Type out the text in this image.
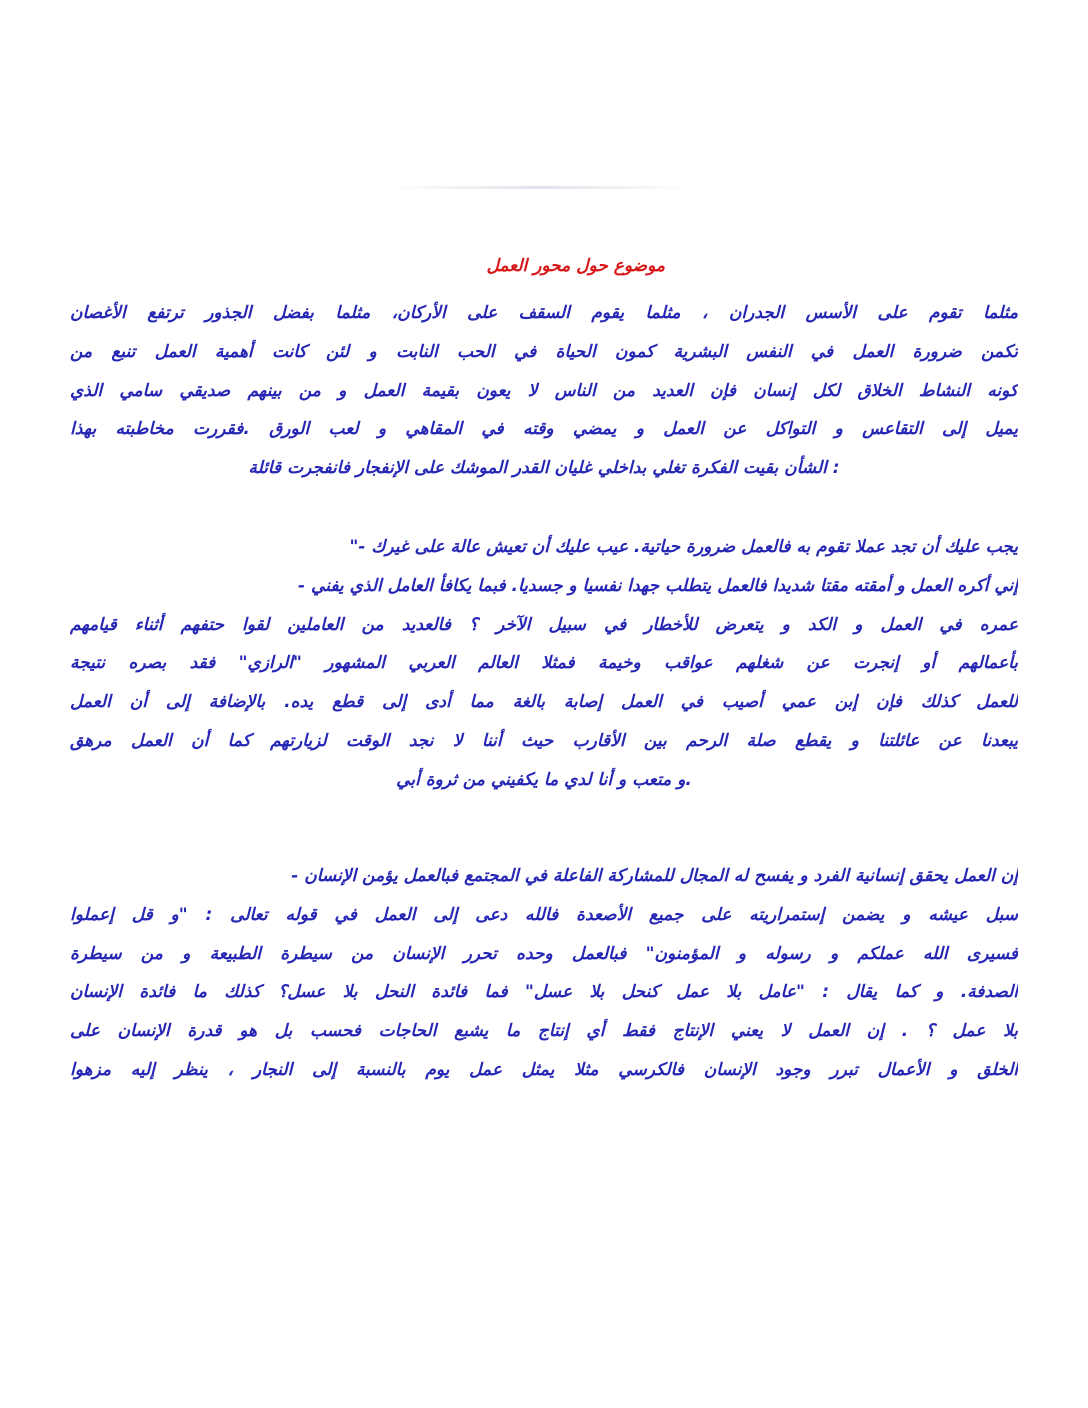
موضوع حول محور العمل
مثلما تقوم على الأسس الجدران ، مثلما يقوم السقف على الأركان، مثلما بفضل الجذور ترتفع الأغصان
تكمن ضرورة العمل في النفس البشرية كمون الحياة في الحب النابت و لئن كانت أهمية العمل تنبع من
كونه النشاط الخلاق لكل إنسان فإن العديد من الناس لا يعون بقيمة العمل و من بينهم صديقي سامي الذي
يميل إلى التقاعس و التواكل عن العمل و يمضي وقته في المقاهي و لعب الورق .فقررت مخاطبته بهذا
: الشأن بقيت الفكرة تغلي بداخلي غليان القدر الموشك على الإنفجار فانفجرت قائلة
يجب عليك أن تجد عملا تقوم به فالعمل ضرورة حياتية. عيب عليك أن تعيش عالة على غيرك -"
إني أكره العمل و أمقته مقتا شديدا فالعمل يتطلب جهدا نفسيا و جسديا. فبما يكافأ العامل الذي يفني -
عمره في العمل و الكد و يتعرض للأخطار في سبيل الآخر ؟ فالعديد من العاملين لقوا حتفهم أثناء قيامهم
بأعمالهم أو إنجرت عن شغلهم عواقب وخيمة فمثلا العالم العربي المشهور "الرازي" فقد بصره نتيجة
للعمل كذلك فإن إبن عمي أصيب في العمل إصابة بالغة مما أدى إلى قطع يده. بالإضافة إلى أن العمل
يبعدنا عن عائلتنا و يقطع صلة الرحم بين الأقارب حيث أننا لا نجد الوقت لزيارتهم كما أن العمل مرهق
.و متعب و أنا لدي ما يكفيني من ثروة أبي
إن العمل يحقق إنسانية الفرد و يفسح له المجال للمشاركة الفاعلة في المجتمع فبالعمل يؤمن الإنسان -
سبل عيشه و يضمن إستمراريته على جميع الأصعدة فالله دعى إلى العمل في قوله تعالى : "و قل إعملوا
فسيرى الله عملكم و رسوله و المؤمنون" فبالعمل وحده تحرر الإنسان من سيطرة الطبيعة و من سيطرة
الصدفة. و كما يقال : "عامل بلا عمل كنحل بلا عسل" فما فائدة النحل بلا عسل؟ كذلك ما فائدة الإنسان
بلا عمل ؟ . إن العمل لا يعني الإنتاج فقط أي إنتاج ما يشبع الحاجات فحسب بل هو قدرة الإنسان على
الخلق و الأعمال تبرر وجود الإنسان فالكرسي مثلا يمثل عمل يوم بالنسبة إلى النجار ، ينظر إليه مزهوا
